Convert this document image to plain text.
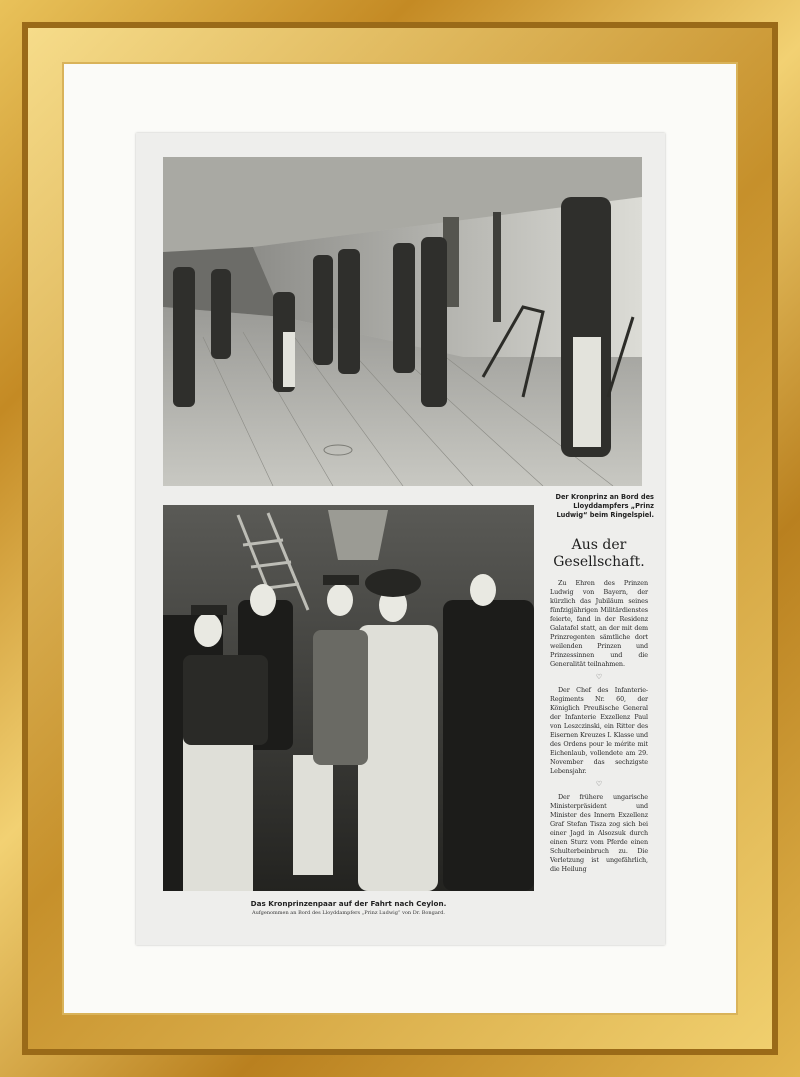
Der Kronprinz an Bord des Lloyddampfers „Prinz Ludwig“ beim Ringelspiel.
Das Kronprinzenpaar auf der Fahrt nach Ceylon.
Aufgenommen an Bord des Lloyddampfers „Prinz Ludwig“ von Dr. Bongard.
Aus der Gesellschaft.

Zu Ehren des Prinzen Ludwig von Bayern, der kürzlich das Jubiläum seines fünfzigjährigen Militärdienstes feierte, fand in der Residenz Galatafel statt, an der mit dem Prinzregenten sämtliche dort weilenden Prinzen und Prinzessinnen und die Generalität teilnahmen.

♡

Der Chef des Infanterie-Regiments Nr. 60, der Königlich Preußische General der Infanterie Exzellenz Paul von Leszczinski, ein Ritter des Eisernen Kreuzes I. Klasse und des Ordens pour le mérite mit Eichenlaub, vollendete am 29. November das sechzigste Lebensjahr.

♡

Der frühere ungarische Ministerpräsident und Minister des Innern Exzellenz Graf Stefan Tisza zog sich bei einer Jagd in Alsozsuk durch einen Sturz vom Pferde einen Schulterbeinbruch zu. Die Verletzung ist ungefährlich, die Heilung
